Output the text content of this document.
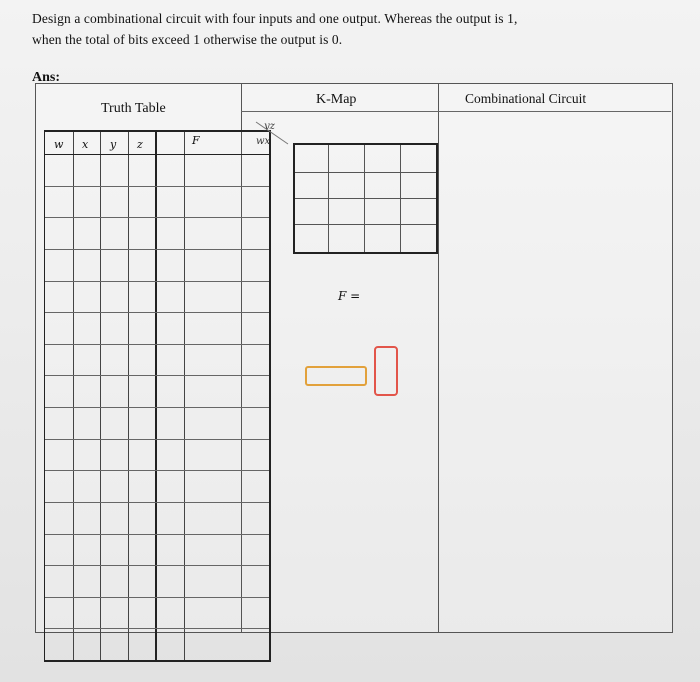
Design a combinational circuit with four inputs and one output. Whereas the output is 1,
when the total of bits exceed 1 otherwise the output is 0.
Ans:
Truth Table
K-Map	Combinational Circuit
w x y z	F
yz
wx
F =
